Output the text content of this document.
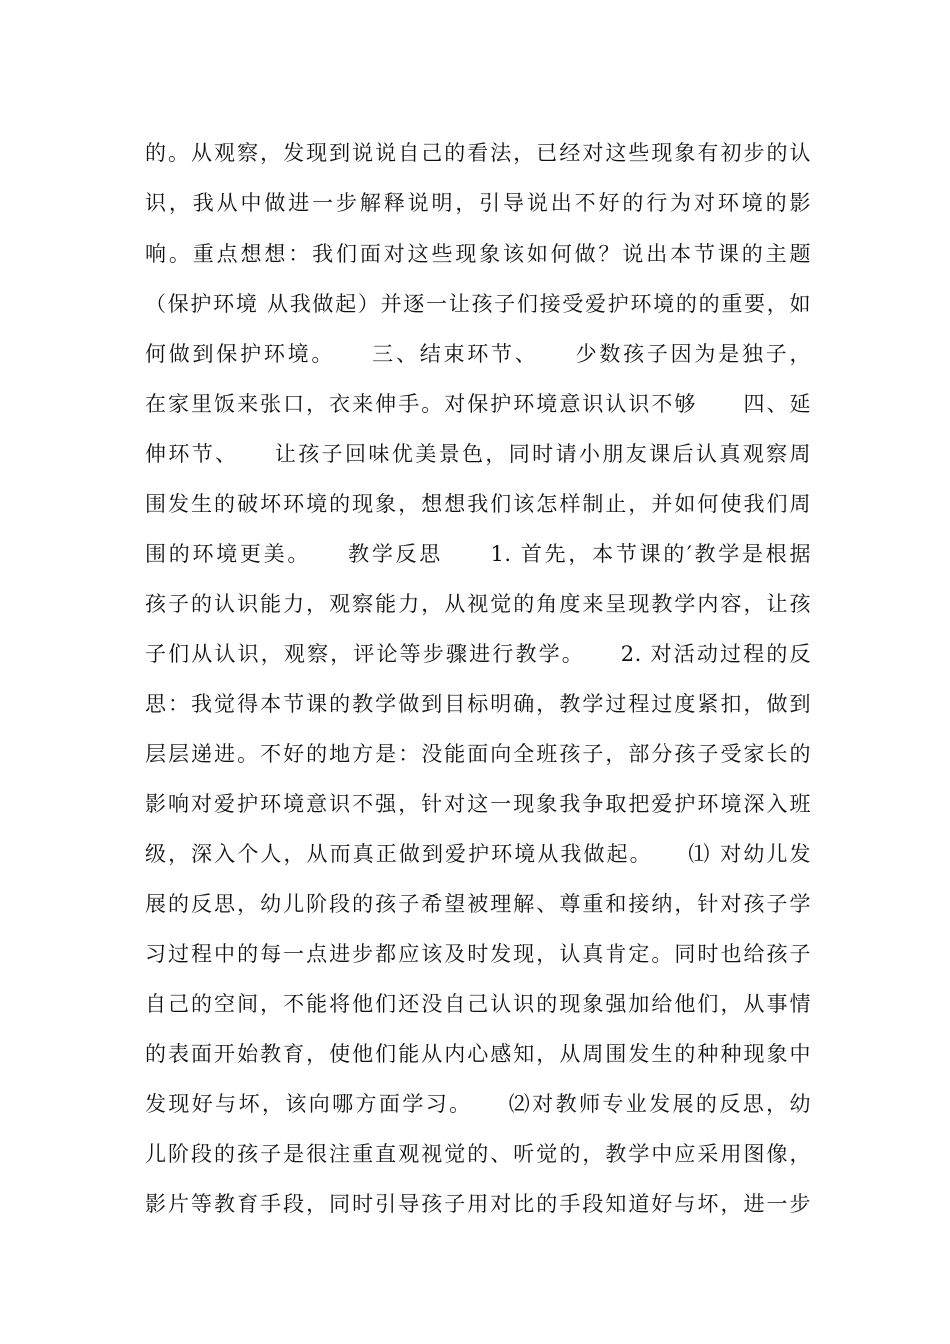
的。从观察，发现到说说自己的看法，已经对这些现象有初步的认
识，我从中做进一步解释说明，引导说出不好的行为对环境的影
响。重点想想：我们面对这些现象该如何做？说出本节课的主题
（保护环境 从我做起）并逐一让孩子们接受爱护环境的的重要，如
何做到保护环境。　　三、结束环节、　　少数孩子因为是独子，
在家里饭来张口，衣来伸手。对保护环境意识认识不够　　四、延
伸环节、　　让孩子回味优美景色，同时请小朋友课后认真观察周
围发生的破坏环境的现象，想想我们该怎样制止，并如何使我们周
围的环境更美。　　教学反思　　1. 首先，本节课的′教学是根据
孩子的认识能力，观察能力，从视觉的角度来呈现教学内容，让孩
子们从认识，观察，评论等步骤进行教学。　　2. 对活动过程的反
思：我觉得本节课的教学做到目标明确，教学过程过度紧扣，做到
层层递进。不好的地方是：没能面向全班孩子，部分孩子受家长的
影响对爱护环境意识不强，针对这一现象我争取把爱护环境深入班
级，深入个人，从而真正做到爱护环境从我做起。　　⑴ 对幼儿发
展的反思，幼儿阶段的孩子希望被理解、尊重和接纳，针对孩子学
习过程中的每一点进步都应该及时发现，认真肯定。同时也给孩子
自己的空间，不能将他们还没自己认识的现象强加给他们，从事情
的表面开始教育，使他们能从内心感知，从周围发生的种种现象中
发现好与坏，该向哪方面学习。　　⑵对教师专业发展的反思，幼
儿阶段的孩子是很注重直观视觉的、听觉的，教学中应采用图像，
影片等教育手段，同时引导孩子用对比的手段知道好与坏，进一步
